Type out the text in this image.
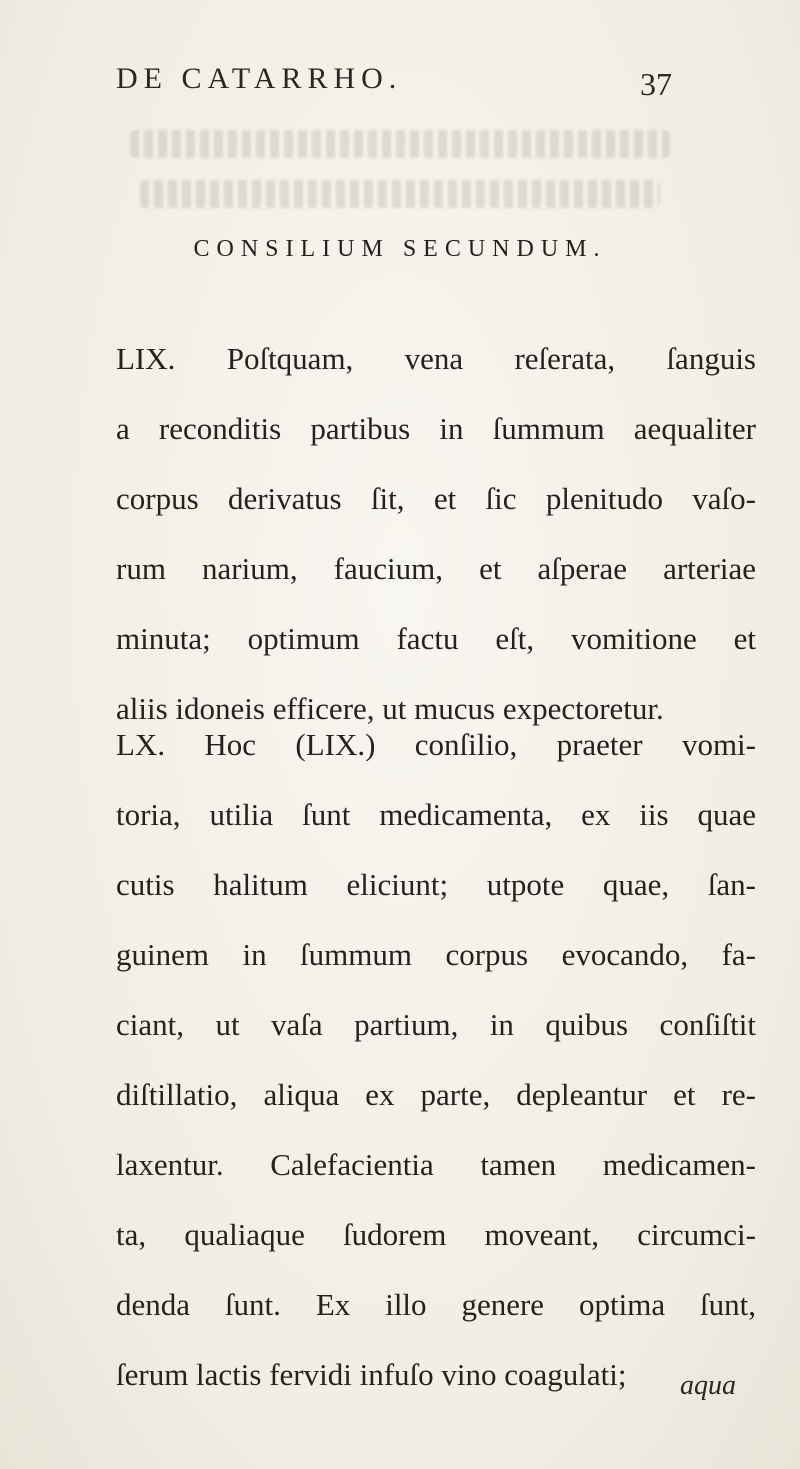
DE CATARRHO.	37
CONSILIUM SECUNDUM.
LIX. Poſtquam, vena reſerata, ſanguis
a reconditis partibus in ſummum aequaliter
corpus derivatus ſit, et ſic plenitudo vaſo-
rum narium, faucium, et aſperae arteriae
minuta; optimum factu eſt, vomitione et
aliis idoneis efficere, ut mucus expectoretur.
LX. Hoc (LIX.) conſilio, praeter vomi-
toria, utilia ſunt medicamenta, ex iis quae
cutis halitum eliciunt; utpote quae, ſan-
guinem in ſummum corpus evocando, fa-
ciant, ut vaſa partium, in quibus conſiſtit
diſtillatio, aliqua ex parte, depleantur et re-
laxentur. Calefacientia tamen medicamen-
ta, qualiaque ſudorem moveant, circumci-
denda ſunt. Ex illo genere optima ſunt,
ſerum lactis fervidi infuſo vino coagulati;	aqua
